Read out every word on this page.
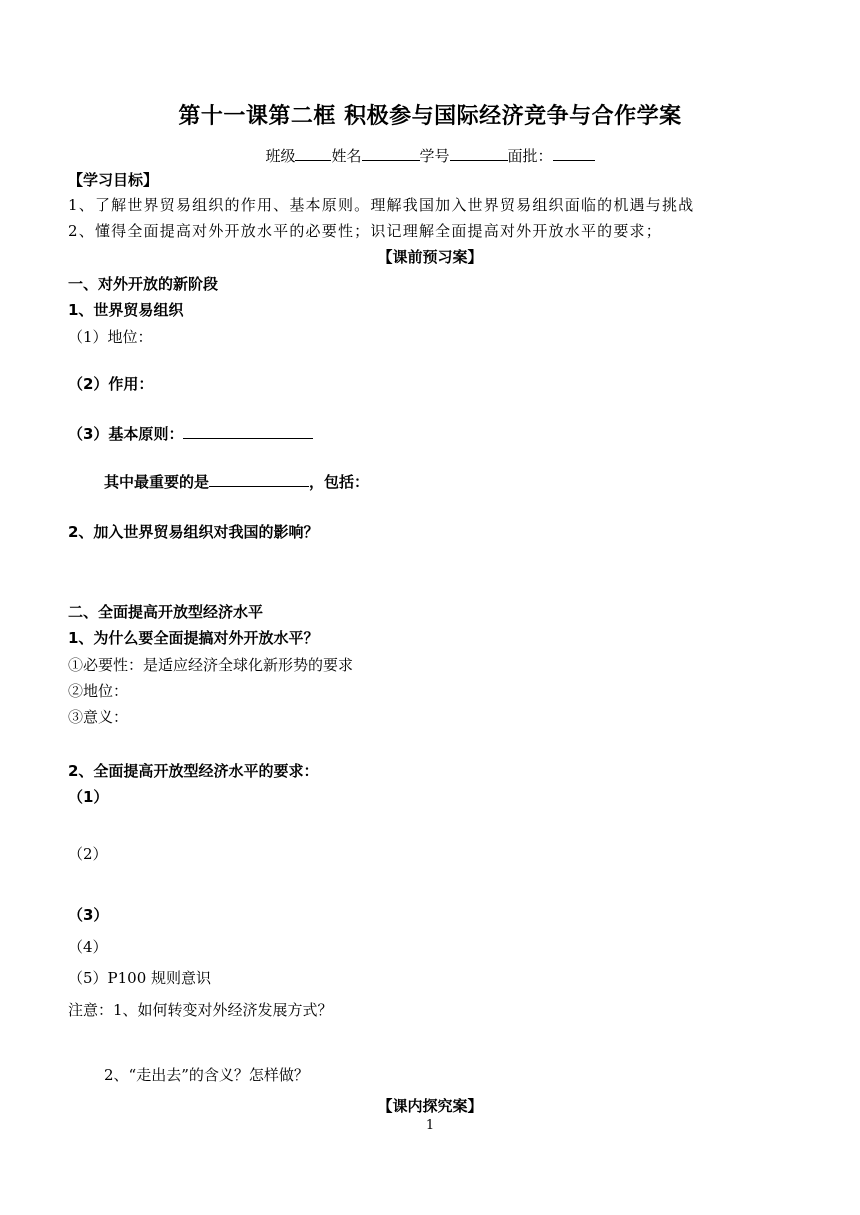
第十一课第二框 积极参与国际经济竞争与合作学案
班级 姓名	学号	面批：
【学习目标】
1、了解世界贸易组织的作用、基本原则。理解我国加入世界贸易组织面临的机遇与挑战
2、懂得全面提高对外开放水平的必要性；识记理解全面提高对外开放水平的要求；
【课前预习案】
一、对外开放的新阶段
1、世界贸易组织
（1）地位：
（2）作用：
（3）基本原则：
其中最重要的是	，包括：
2、加入世界贸易组织对我国的影响？
二、全面提高开放型经济水平
1、为什么要全面提搞对外开放水平？
①必要性：是适应经济全球化新形势的要求
②地位：
③意义：
2、全面提高开放型经济水平的要求：
（1）
（2）
（3）
（4）
（5）P100 规则意识
注意：1、如何转变对外经济发展方式？
2、“走出去”的含义？怎样做？
【课内探究案】
1
